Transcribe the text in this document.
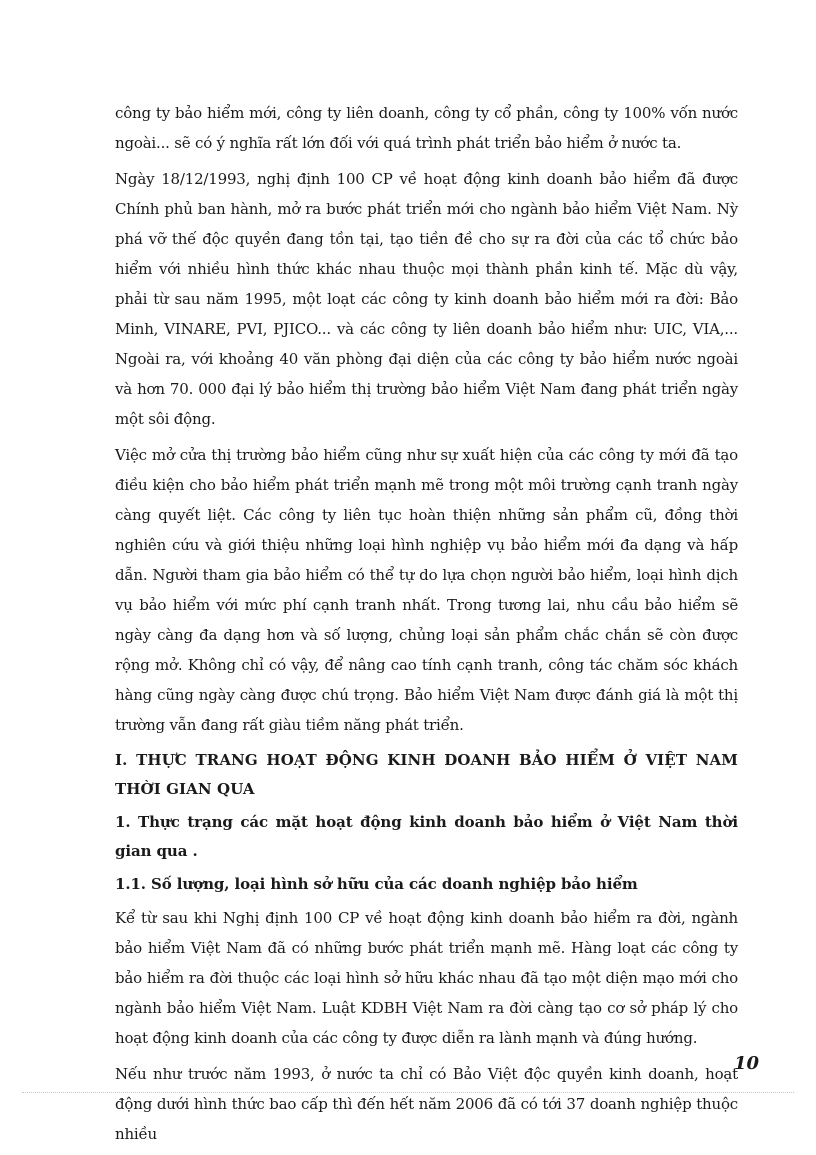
công ty bảo hiểm mới, công ty liên doanh, công ty cổ phần, công ty 100% vốn nước ngoài... sẽ có ý nghĩa rất lớn đối với quá trình phát triển bảo hiểm ở nước ta.

Ngày 18/12/1993, nghị định 100 CP về hoạt động kinh doanh bảo hiểm đã được Chính phủ ban hành, mở ra bước phát triển mới cho ngành bảo hiểm Việt Nam. Nỳ phá vỡ thế độc quyền đang tồn tại, tạo tiền đề cho sự ra đời của các tổ chức bảo hiểm với nhiều hình thức khác nhau thuộc mọi thành phần kinh tế. Mặc dù vậy, phải từ sau năm 1995, một loạt các công ty kinh doanh bảo hiểm mới ra đời: Bảo Minh, VINARE, PVI, PJICO... và các công ty liên doanh bảo hiểm như: UIC, VIA,... Ngoài ra, với khoảng 40 văn phòng đại diện của các công ty bảo hiểm nước ngoài và hơn 70. 000 đại lý bảo hiểm thị trường bảo hiểm Việt Nam đang phát triển ngày một sôi động.

Việc mở cửa thị trường bảo hiểm cũng như sự xuất hiện của các công ty mới đã tạo điều kiện cho bảo hiểm phát triển mạnh mẽ trong một môi trường cạnh tranh ngày càng quyết liệt. Các công ty liên tục hoàn thiện những sản phẩm cũ, đồng thời nghiên cứu và giới thiệu những loại hình nghiệp vụ bảo hiểm mới đa dạng và hấp dẫn. Người tham gia bảo hiểm có thể tự do lựa chọn người bảo hiểm, loại hình dịch vụ bảo hiểm với mức phí cạnh tranh nhất. Trong tương lai, nhu cầu bảo hiểm sẽ ngày càng đa dạng hơn và số lượng, chủng loại sản phẩm chắc chắn sẽ còn được rộng mở. Không chỉ có vậy, để nâng cao tính cạnh tranh, công tác chăm sóc khách hàng cũng ngày càng được chú trọng. Bảo hiểm Việt Nam được đánh giá là một thị trường vẫn đang rất giàu tiềm năng phát triển.

I. THỰC TRANG HOẠT ĐỘNG KINH DOANH BẢO HIỂM Ở VIỆT NAM THỜI GIAN QUA

1. Thực trạng các mặt hoạt động kinh doanh bảo hiểm ở Việt Nam thời gian qua .

1.1. Số lượng, loại hình sở hữu của các doanh nghiệp bảo hiểm

Kể từ sau khi Nghị định 100 CP về hoạt động kinh doanh bảo hiểm ra đời, ngành bảo hiểm Việt Nam đã có những bước phát triển mạnh mẽ. Hàng loạt các công ty bảo hiểm ra đời thuộc các loại hình sở hữu khác nhau đã tạo một diện mạo mới cho ngành bảo hiểm Việt Nam. Luật KDBH Việt Nam ra đời càng tạo cơ sở pháp lý cho hoạt động kinh doanh của các công ty được diễn ra lành mạnh và đúng hướng.

Nếu như trước năm 1993, ở nước ta chỉ có Bảo Việt độc quyền kinh doanh, hoạt động dưới hình thức bao cấp thì đến hết năm 2006 đã có tới 37 doanh nghiệp thuộc nhiều

10
